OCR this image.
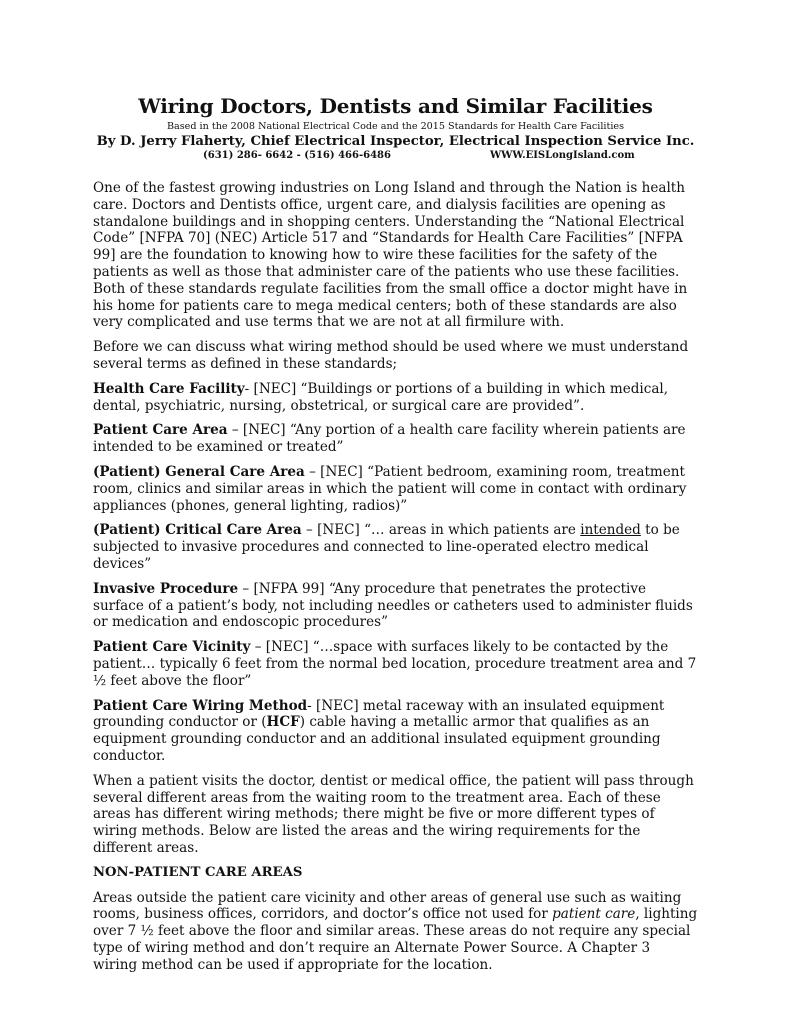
Wiring Doctors, Dentists and Similar Facilities
Based in the 2008 National Electrical Code and the 2015 Standards for Health Care Facilities
By D. Jerry Flaherty, Chief Electrical Inspector, Electrical Inspection Service Inc.
(631) 286- 6642 - (516) 466-6486	WWW.EISLongIsland.com

One of the fastest growing industries on Long Island and through the Nation is health care. Doctors and Dentists office, urgent care, and dialysis facilities are opening as standalone buildings and in shopping centers. Understanding the “National Electrical Code” [NFPA 70] (NEC) Article 517 and “Standards for Health Care Facilities” [NFPA 99] are the foundation to knowing how to wire these facilities for the safety of the patients as well as those that administer care of the patients who use these facilities. Both of these standards regulate facilities from the small office a doctor might have in his home for patients care to mega medical centers; both of these standards are also very complicated and use terms that we are not at all firmilure with.

Before we can discuss what wiring method should be used where we must understand several terms as defined in these standards;

Health Care Facility- [NEC] “Buildings or portions of a building in which medical, dental, psychiatric, nursing, obstetrical, or surgical care are provided”.

Patient Care Area – [NEC] “Any portion of a health care facility wherein patients are intended to be examined or treated”

(Patient) General Care Area – [NEC] “Patient bedroom, examining room, treatment room, clinics and similar areas in which the patient will come in contact with ordinary appliances (phones, general lighting, radios)”

(Patient) Critical Care Area – [NEC] “… areas in which patients are intended to be subjected to invasive procedures and connected to line-operated electro medical devices”

Invasive Procedure – [NFPA 99] “Any procedure that penetrates the protective surface of a patient’s body, not including needles or catheters used to administer fluids or medication and endoscopic procedures”

Patient Care Vicinity – [NEC] “…space with surfaces likely to be contacted by the patient… typically 6 feet from the normal bed location, procedure treatment area and 7 ½ feet above the floor”

Patient Care Wiring Method- [NEC] metal raceway with an insulated equipment grounding conductor or (HCF) cable having a metallic armor that qualifies as an equipment grounding conductor and an additional insulated equipment grounding conductor.

When a patient visits the doctor, dentist or medical office, the patient will pass through several different areas from the waiting room to the treatment area. Each of these areas has different wiring methods; there might be five or more different types of wiring methods. Below are listed the areas and the wiring requirements for the different areas.

NON-PATIENT CARE AREAS

Areas outside the patient care vicinity and other areas of general use such as waiting rooms, business offices, corridors, and doctor’s office not used for patient care, lighting over 7 ½ feet above the floor and similar areas. These areas do not require any special type of wiring method and don’t require an Alternate Power Source. A Chapter 3 wiring method can be used if appropriate for the location.
